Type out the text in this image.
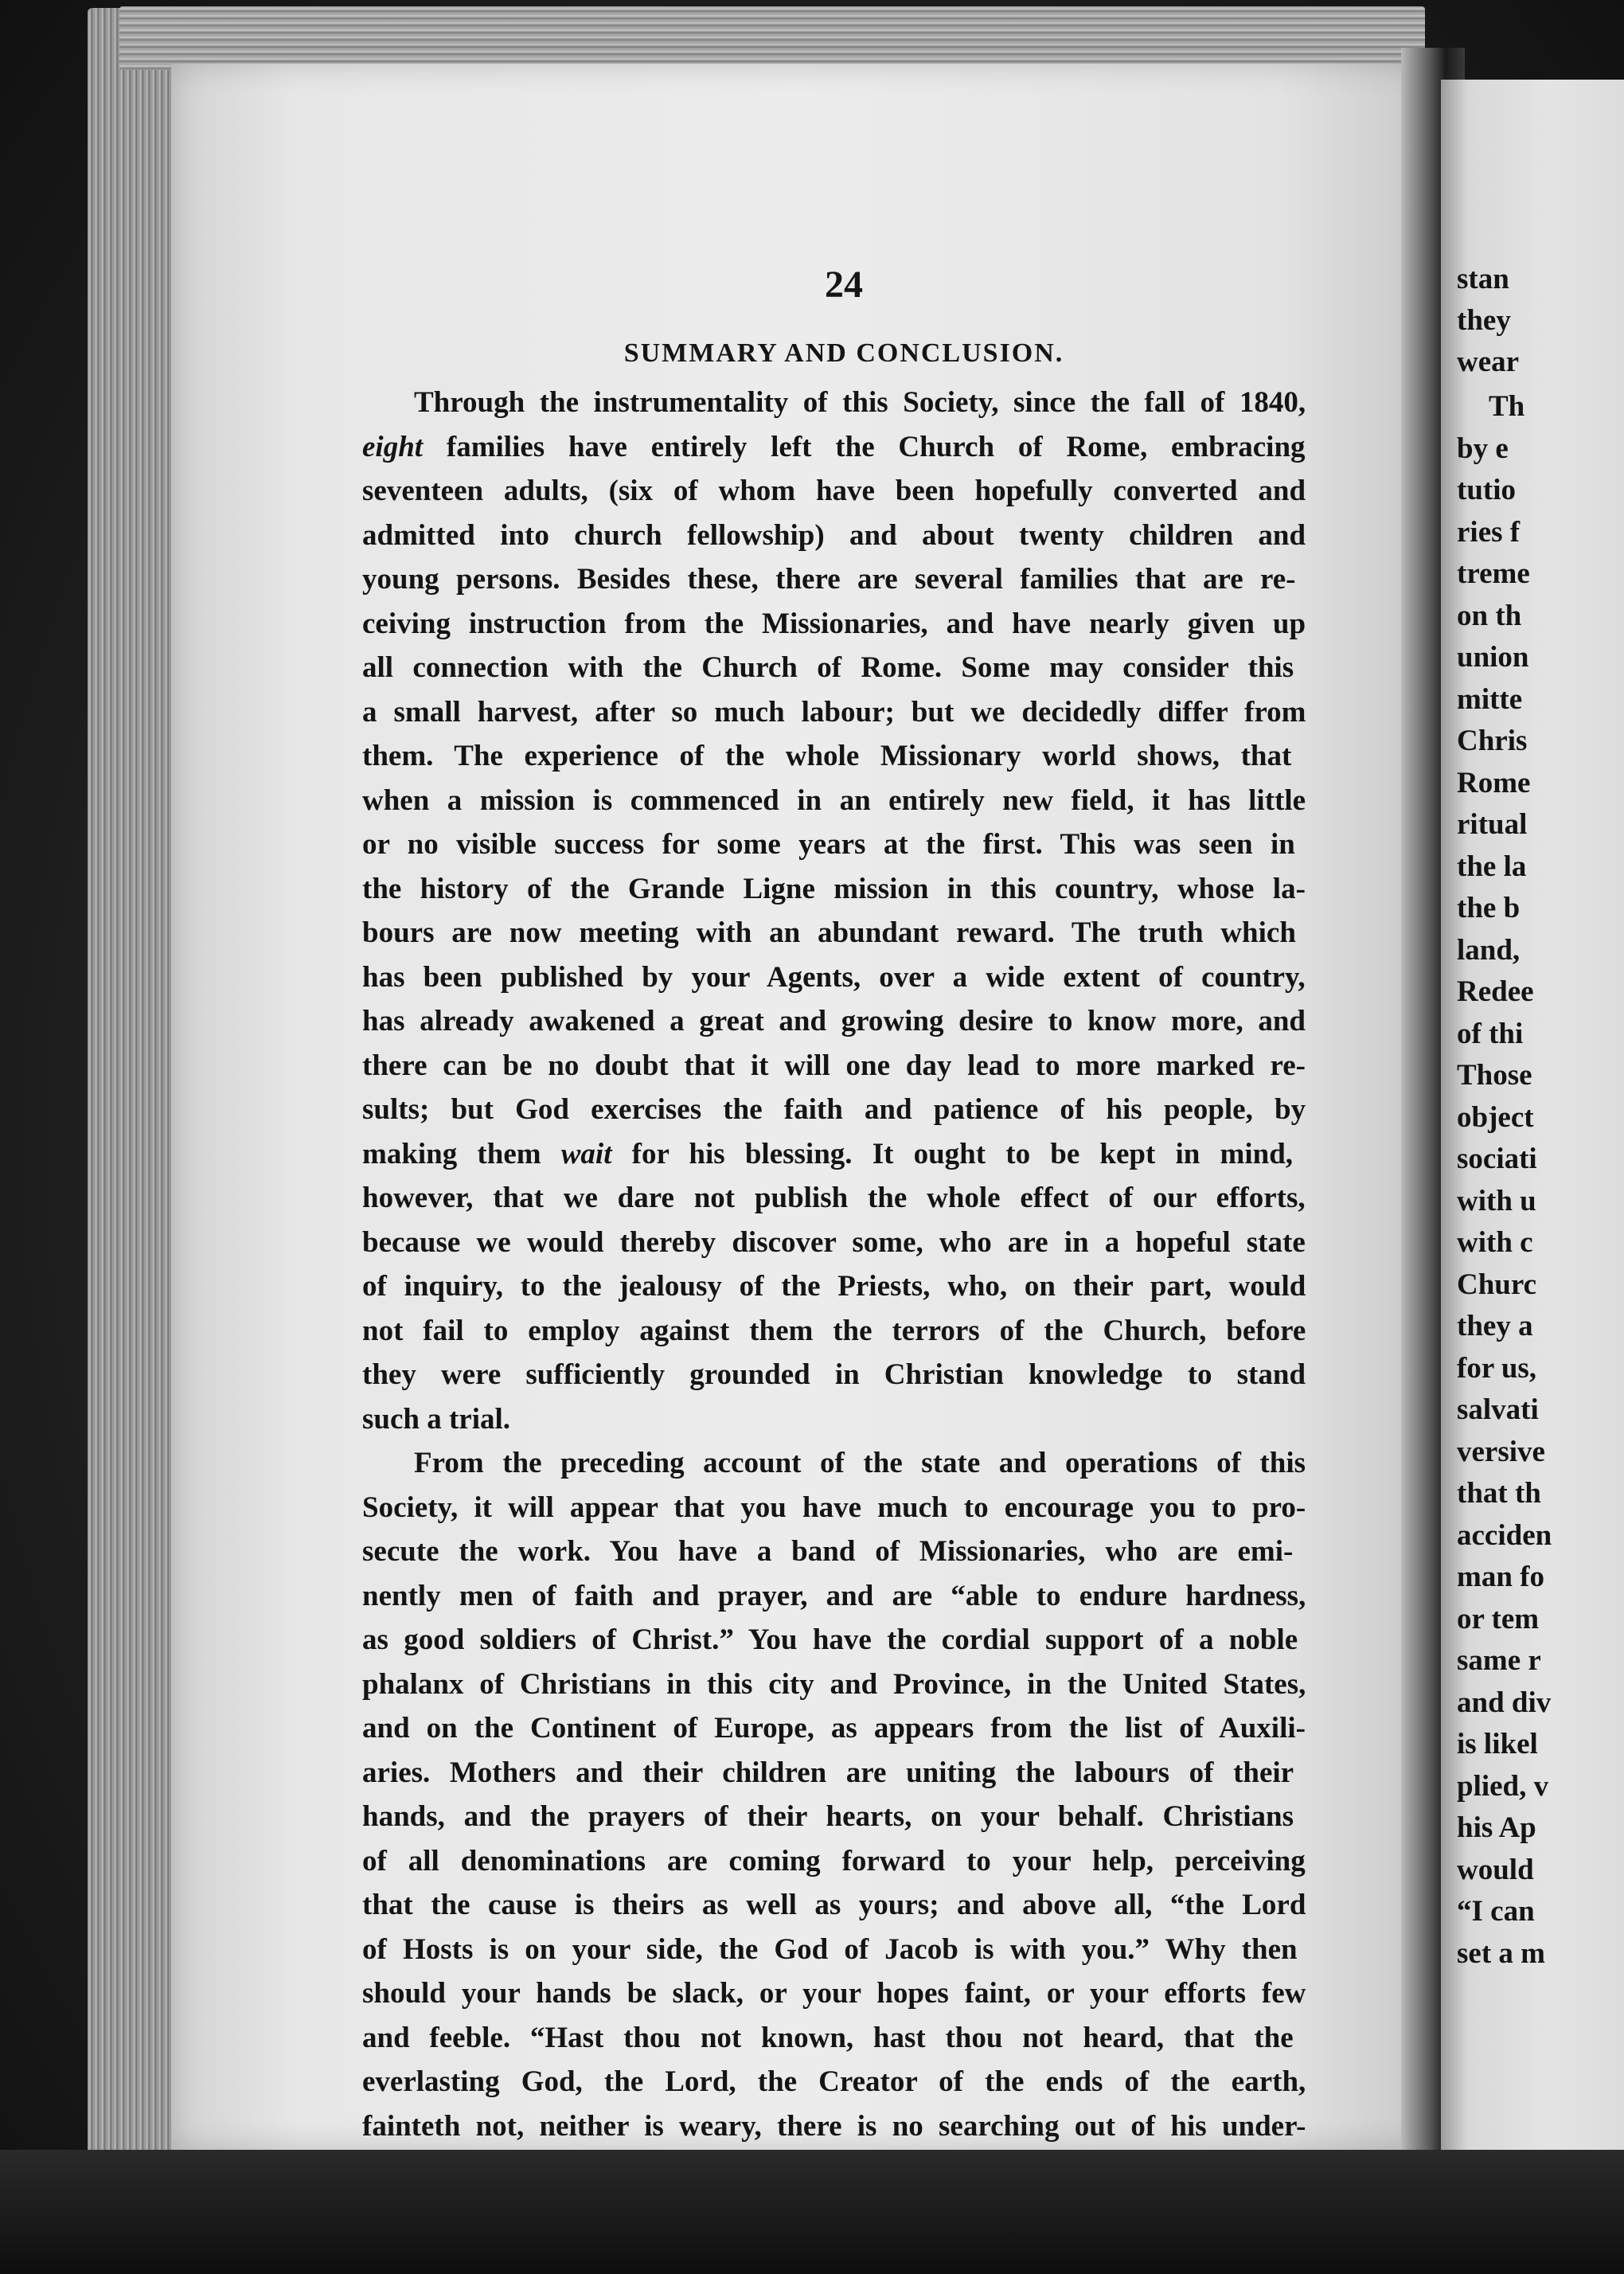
stan
they
wear
Th
by e
tutio
ries f
treme
on th
union
mitte
Chris
Rome
ritual
the la
the b
land,
Redee
of thi
Those
object
sociati
with u
with c
Churc
they a
for us,
salvati
versive
that th
acciden
man fo
or tem
same r
and div
is likel
plied, v
his Ap
would
“I can
set a m
24
SUMMARY AND CONCLUSION.
Through the instrumentality of this Society, since the fall of 1840,
eight families have entirely left the Church of Rome, embracing
seventeen adults, (six of whom have been hopefully converted and
admitted into church fellowship) and about twenty children and
young persons. Besides these, there are several families that are re-
ceiving instruction from the Missionaries, and have nearly given up
all connection with the Church of Rome. Some may consider this
a small harvest, after so much labour; but we decidedly differ from
them. The experience of the whole Missionary world shows, that
when a mission is commenced in an entirely new field, it has little
or no visible success for some years at the first. This was seen in
the history of the Grande Ligne mission in this country, whose la-
bours are now meeting with an abundant reward. The truth which
has been published by your Agents, over a wide extent of country,
has already awakened a great and growing desire to know more, and
there can be no doubt that it will one day lead to more marked re-
sults; but God exercises the faith and patience of his people, by
making them wait for his blessing. It ought to be kept in mind,
however, that we dare not publish the whole effect of our efforts,
because we would thereby discover some, who are in a hopeful state
of inquiry, to the jealousy of the Priests, who, on their part, would
not fail to employ against them the terrors of the Church, before
they were sufficiently grounded in Christian knowledge to stand
such a trial.
From the preceding account of the state and operations of this
Society, it will appear that you have much to encourage you to pro-
secute the work. You have a band of Missionaries, who are emi-
nently men of faith and prayer, and are “able to endure hardness,
as good soldiers of Christ.” You have the cordial support of a noble
phalanx of Christians in this city and Province, in the United States,
and on the Continent of Europe, as appears from the list of Auxili-
aries. Mothers and their children are uniting the labours of their
hands, and the prayers of their hearts, on your behalf. Christians
of all denominations are coming forward to your help, perceiving
that the cause is theirs as well as yours; and above all, “the Lord
of Hosts is on your side, the God of Jacob is with you.” Why then
should your hands be slack, or your hopes faint, or your efforts few
and feeble. “Hast thou not known, hast thou not heard, that the
everlasting God, the Lord, the Creator of the ends of the earth,
fainteth not, neither is weary, there is no searching out of his under-
